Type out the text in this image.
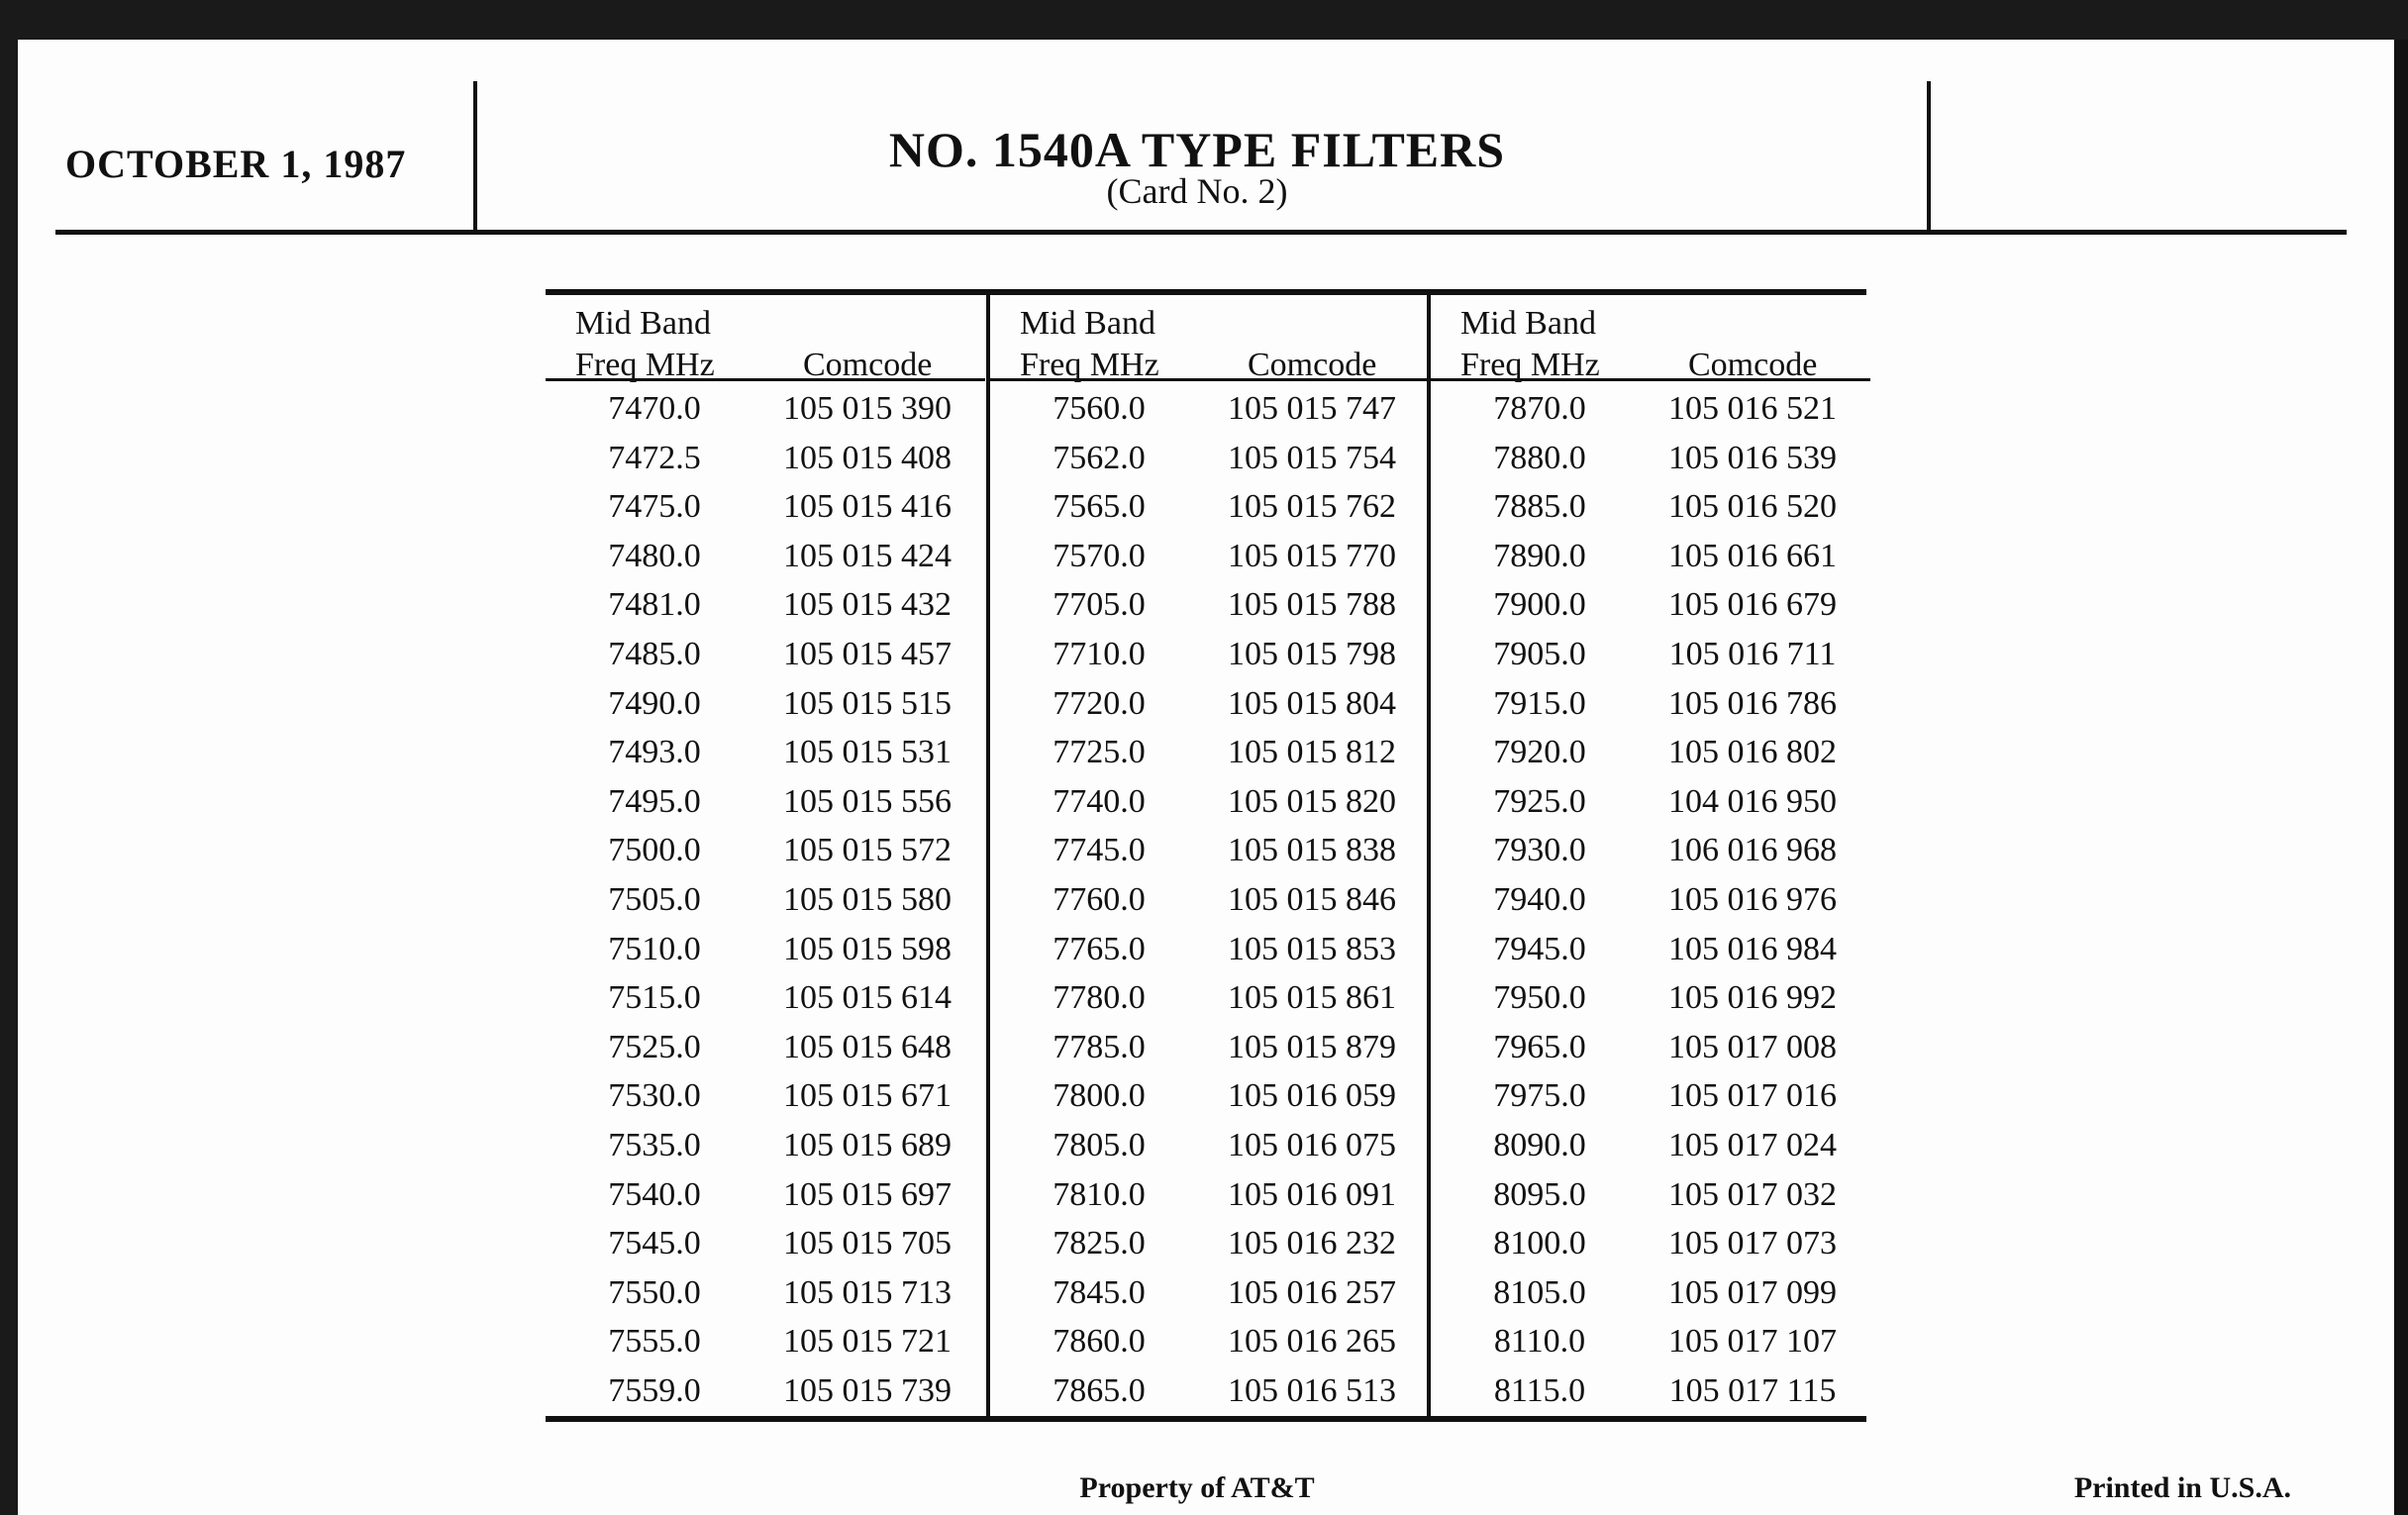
OCTOBER 1, 1987	NO. 1540A TYPE FILTERS
(Card No. 2)
Mid Band
Freq MHz	Comcode
7470.0	105 015 390
7472.5	105 015 408
7475.0	105 015 416
7480.0	105 015 424
7481.0	105 015 432
7485.0	105 015 457
7490.0	105 015 515
7493.0	105 015 531
7495.0	105 015 556
7500.0	105 015 572
7505.0	105 015 580
7510.0	105 015 598
7515.0	105 015 614
7525.0	105 015 648
7530.0	105 015 671
7535.0	105 015 689
7540.0	105 015 697
7545.0	105 015 705
7550.0	105 015 713
7555.0	105 015 721
7559.0	105 015 739
Mid Band
Freq MHz	Comcode
7560.0	105 015 747
7562.0	105 015 754
7565.0	105 015 762
7570.0	105 015 770
7705.0	105 015 788
7710.0	105 015 798
7720.0	105 015 804
7725.0	105 015 812
7740.0	105 015 820
7745.0	105 015 838
7760.0	105 015 846
7765.0	105 015 853
7780.0	105 015 861
7785.0	105 015 879
7800.0	105 016 059
7805.0	105 016 075
7810.0	105 016 091
7825.0	105 016 232
7845.0	105 016 257
7860.0	105 016 265
7865.0	105 016 513
Mid Band
Freq MHz	Comcode
7870.0	105 016 521
7880.0	105 016 539
7885.0	105 016 520
7890.0	105 016 661
7900.0	105 016 679
7905.0	105 016 711
7915.0	105 016 786
7920.0	105 016 802
7925.0	104 016 950
7930.0	106 016 968
7940.0	105 016 976
7945.0	105 016 984
7950.0	105 016 992
7965.0	105 017 008
7975.0	105 017 016
8090.0	105 017 024
8095.0	105 017 032
8100.0	105 017 073
8105.0	105 017 099
8110.0	105 017 107
8115.0	105 017 115
Property of AT&T	Printed in U.S.A.
